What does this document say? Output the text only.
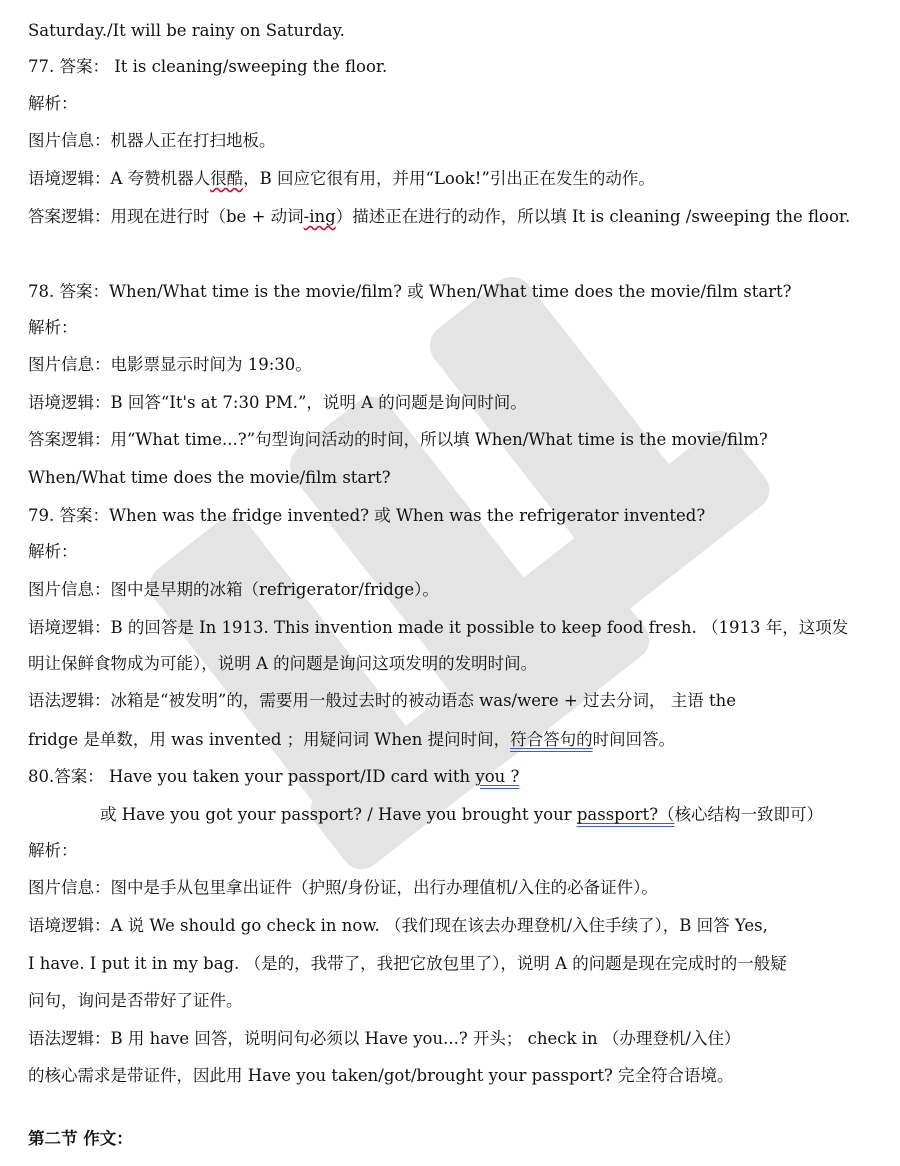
Saturday./It will be rainy on Saturday.

77. 答案： It is cleaning/sweeping the floor.

解析：

图片信息：机器人正在打扫地板。

语境逻辑：A 夸赞机器人很酷，B 回应它很有用，并用“Look!”引出正在发生的动作。

答案逻辑：用现在进行时（be + 动词-ing）描述正在进行的动作，所以填 It is cleaning /sweeping the floor.

78. 答案：When/What time is the movie/film? 或 When/What time does the movie/film start?

解析：

图片信息：电影票显示时间为 19:30。

语境逻辑：B 回答“It's at 7:30 PM.”，说明 A 的问题是询问时间。

答案逻辑：用“What time...?”句型询问活动的时间，所以填 When/What time is the movie/film?

When/What time does the movie/film start?

79. 答案：When was the fridge invented? 或 When was the refrigerator invented?

解析：

图片信息：图中是早期的冰箱（refrigerator/fridge）。

语境逻辑：B 的回答是 In 1913. This invention made it possible to keep food fresh. （1913 年，这项发

明让保鲜食物成为可能），说明 A 的问题是询问这项发明的发明时间。

语法逻辑：冰箱是“被发明”的，需要用一般过去时的被动语态 was/were + 过去分词， 主语 the

fridge 是单数，用 was invented ；用疑问词 When 提问时间，符合答句的时间回答。

80.答案： Have you taken your passport/ID card with you ?

或 Have you got your passport? / Have you brought your passport?（核心结构一致即可）

解析：

图片信息：图中是手从包里拿出证件（护照/身份证，出行办理值机/入住的必备证件）。

语境逻辑：A 说 We should go check in now. （我们现在该去办理登机/入住手续了），B 回答 Yes,

I have. I put it in my bag. （是的，我带了，我把它放包里了），说明 A 的问题是现在完成时的一般疑

问句，询问是否带好了证件。

语法逻辑：B 用 have 回答，说明问句必须以 Have you...? 开头； check in （办理登机/入住）

的核心需求是带证件，因此用 Have you taken/got/brought your passport? 完全符合语境。

第二节 作文：
